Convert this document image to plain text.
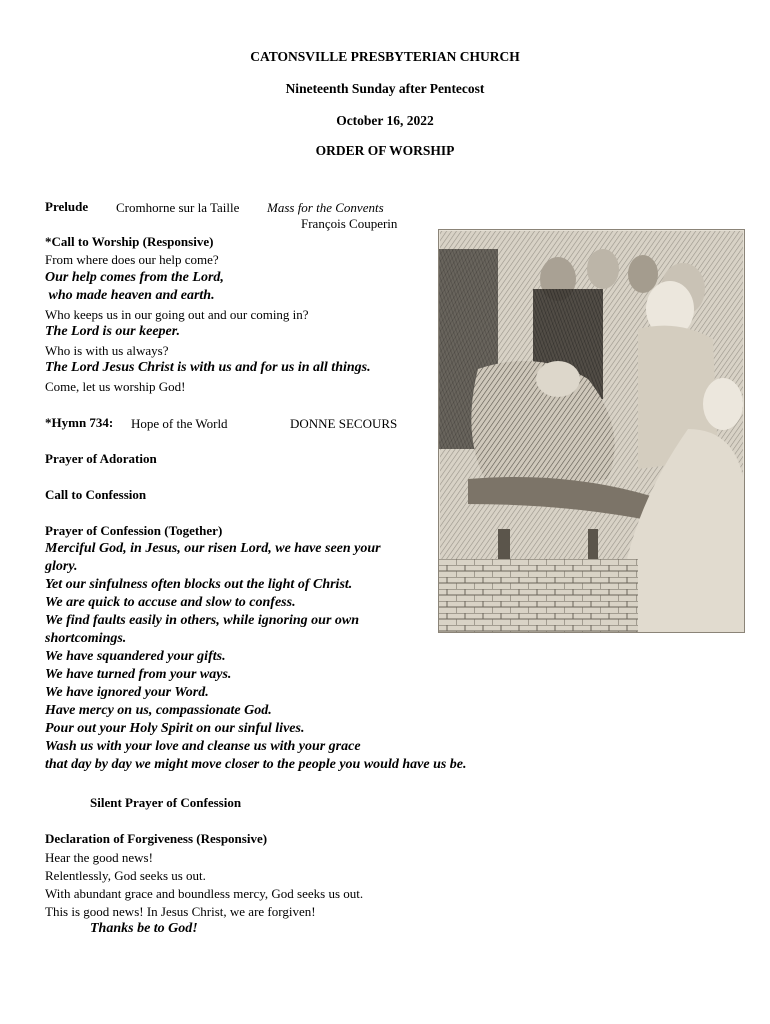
CATONSVILLE PRESBYTERIAN CHURCH
Nineteenth Sunday after Pentecost
October 16, 2022
ORDER OF WORSHIP
Prelude Cromhorne sur la Taille Mass for the Convents
François Couperin
*Call to Worship (Responsive)
From where does our help come?
Our help comes from the Lord,
who made heaven and earth.
Who keeps us in our going out and our coming in?
The Lord is our keeper.
Who is with us always?
The Lord Jesus Christ is with us and for us in all things.
Come, let us worship God!
*Hymn 734: Hope of the World	DONNE SECOURS
Prayer of Adoration
Call to Confession
Prayer of Confession (Together)
Merciful God, in Jesus, our risen Lord, we have seen your
glory.
Yet our sinfulness often blocks out the light of Christ.
We are quick to accuse and slow to confess.
We find faults easily in others, while ignoring our own
shortcomings.
We have squandered your gifts.
We have turned from your ways.
We have ignored your Word.
Have mercy on us, compassionate God.
Pour out your Holy Spirit on our sinful lives.
Wash us with your love and cleanse us with your grace
that day by day we might move closer to the people you would have us be.
Silent Prayer of Confession
Declaration of Forgiveness (Responsive)
Hear the good news!
Relentlessly, God seeks us out.
With abundant grace and boundless mercy, God seeks us out.
This is good news! In Jesus Christ, we are forgiven!
Thanks be to God!
